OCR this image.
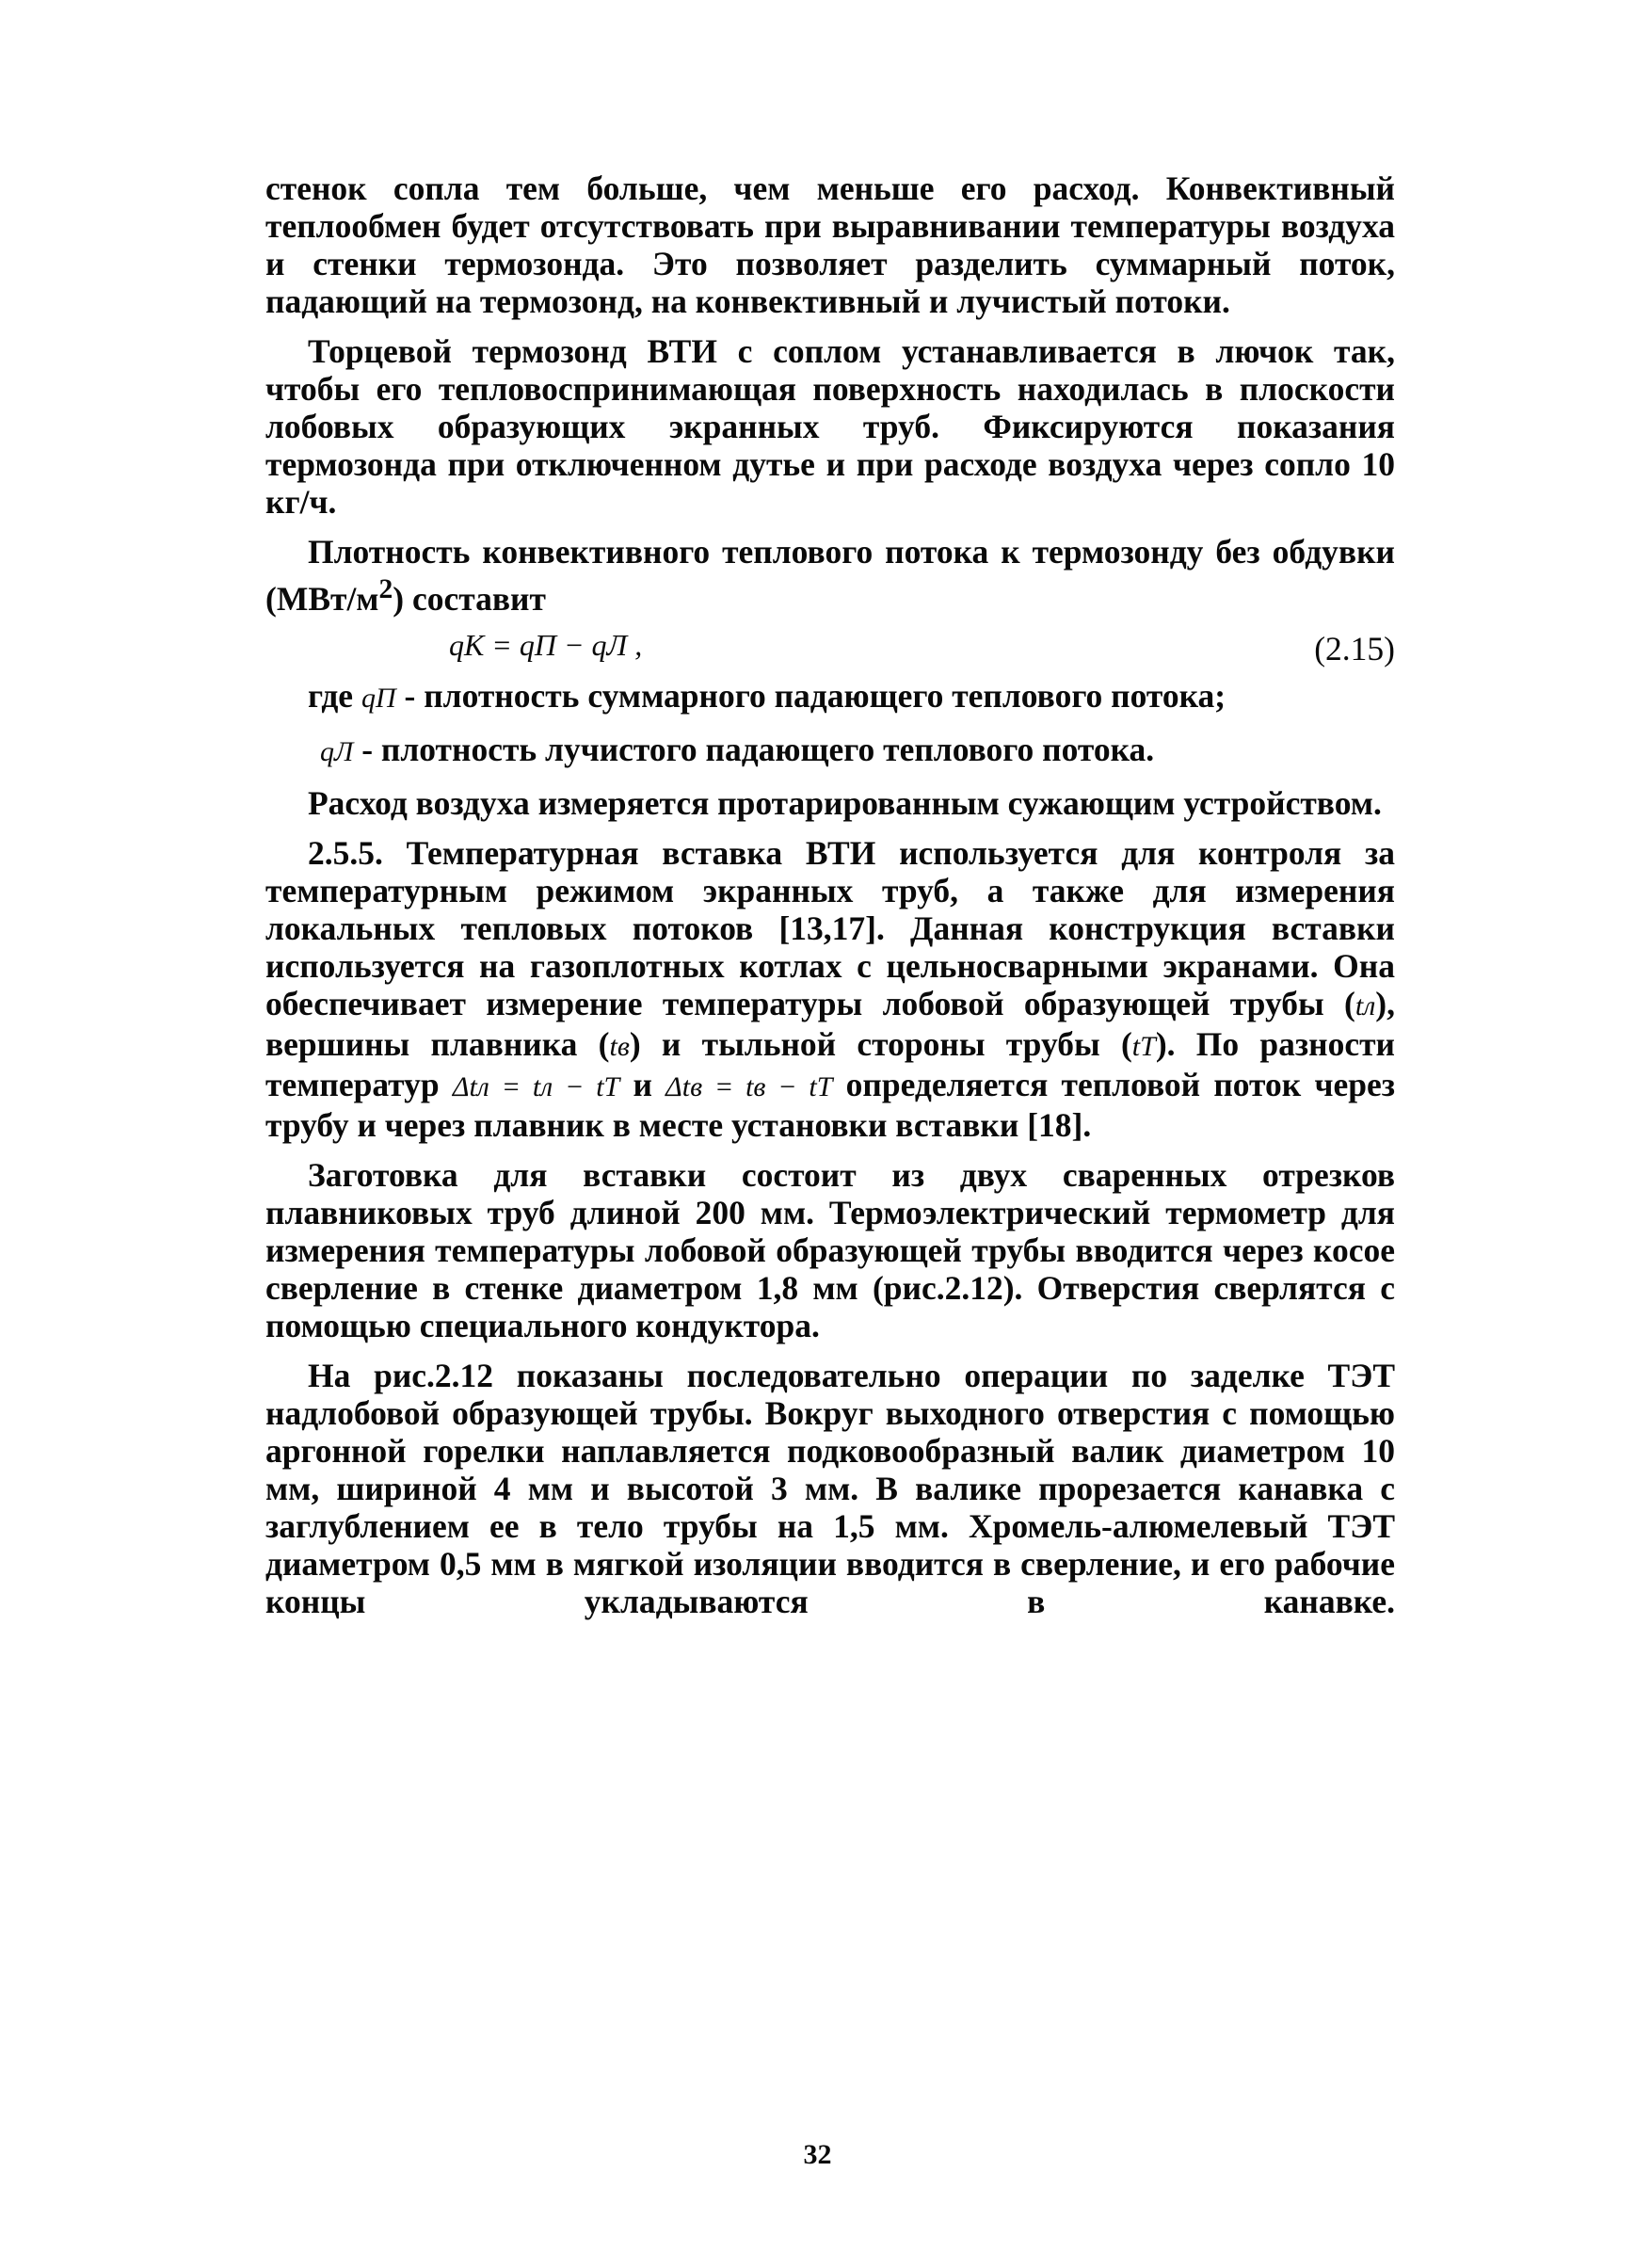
стенок сопла тем больше, чем меньше его расход. Конвективный теплообмен будет отсутствовать при выравнивании температуры воздуха и стенки термозонда. Это позволяет разделить суммарный поток, падающий на термозонд, на конвективный и лучистый потоки.

Торцевой термозонд ВТИ с соплом устанавливается в лючок так, чтобы его тепловоспринимающая поверхность находилась в плоскости лобовых образующих экранных труб. Фиксируются показания термозонда при отключенном дутье и при расходе воздуха через сопло 10 кг/ч.

Плотность конвективного теплового потока к термозонду без обдувки $(МВт/м^2)$ составит

qК = qП − qЛ ,	(2.15)
где qП - плотность суммарного падающего теплового потока;
qЛ - плотность лучистого падающего теплового потока.

Расход воздуха измеряется протарированным сужающим устройством.

2.5.5. Температурная вставка ВТИ используется для контроля за температурным режимом экранных труб, а также для измерения локальных тепловых потоков [13,17]. Данная конструкция вставки используется на газоплотных котлах с цельносварными экранами. Она обеспечивает измерение температуры лобовой образующей трубы (tл), вершины плавника (tв) и тыльной стороны трубы (tТ). По разности температур Δtл = tл − tТ и Δtв = tв − tТ определяется тепловой поток через трубу и через плавник в месте установки вставки [18].

Заготовка для вставки состоит из двух сваренных отрезков плавниковых труб длиной 200 мм. Термоэлектрический термометр для измерения температуры лобовой образующей трубы вводится через косое сверление в стенке диаметром 1,8 мм (рис.2.12). Отверстия сверлятся с помощью специального кондуктора.

На рис.2.12 показаны последовательно операции по заделке ТЭТ надлобовой образующей трубы. Вокруг выходного отверстия с помощью аргонной горелки наплавляется подковообразный валик диаметром 10 мм, шириной 4 мм и высотой 3 мм. В валике прорезается канавка с заглублением ее в тело трубы на 1,5 мм. Хромель-алюмелевый ТЭТ диаметром 0,5 мм в мягкой изоляции вводится в сверление, и его рабочие концы укладываются в канавке.

32
